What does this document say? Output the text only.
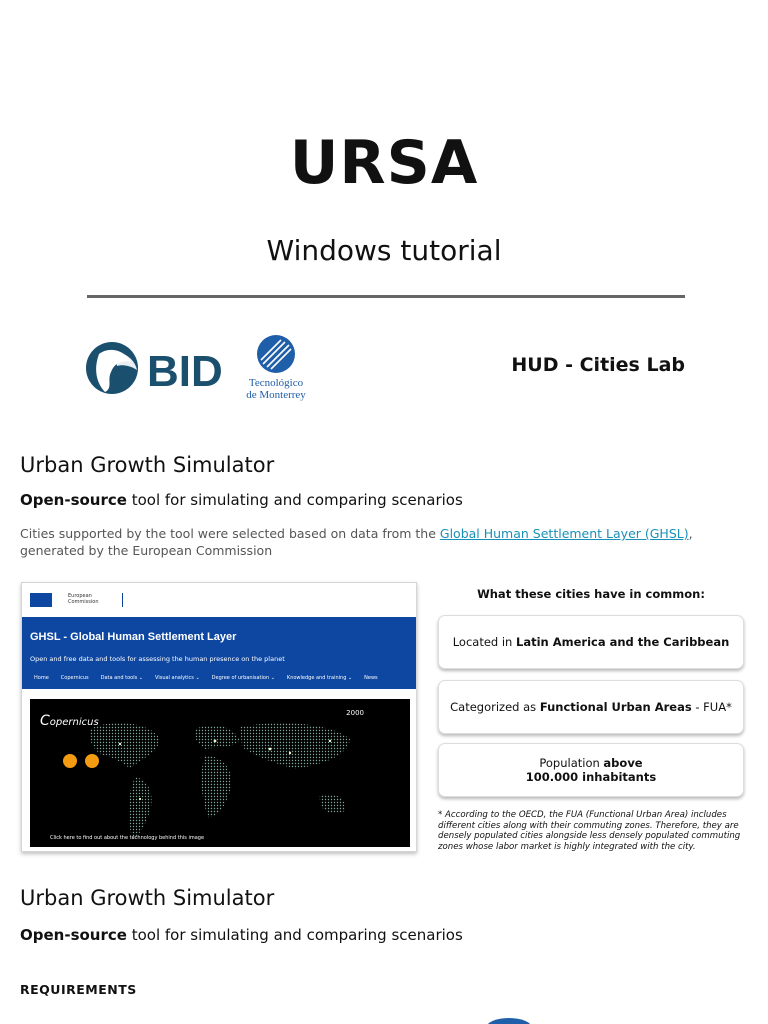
URSA
Windows tutorial
BID Tecnológico
de Monterrey
HUD - Cities Lab
Urban Growth Simulator
Open-source tool for simulating and comparing scenarios
Cities supported by the tool were selected based on data from the Global Human Settlement Layer (GHSL), generated by the European Commission
European
Commission
GHSL - Global Human Settlement Layer
Open and free data and tools for assessing the human presence on the planet
Home Copernicus Data and tools ⌄ Visual analytics ⌄ Degree of urbanisation ⌄ Knowledge and training ⌄ News
2000
Copernicus
Click here to find out about the technology behind this image
What these cities have in common:
Located in Latin America and the Caribbean
Categorized as Functional Urban Areas - FUA*
Population above
100.000 inhabitants
* According to the OECD, the FUA (Functional Urban Area) includes different cities along with their commuting zones. Therefore, they are densely populated cities alongside less densely populated commuting zones whose labor market is highly integrated with the city.
Urban Growth Simulator
Open-source tool for simulating and comparing scenarios
REQUIREMENTS
